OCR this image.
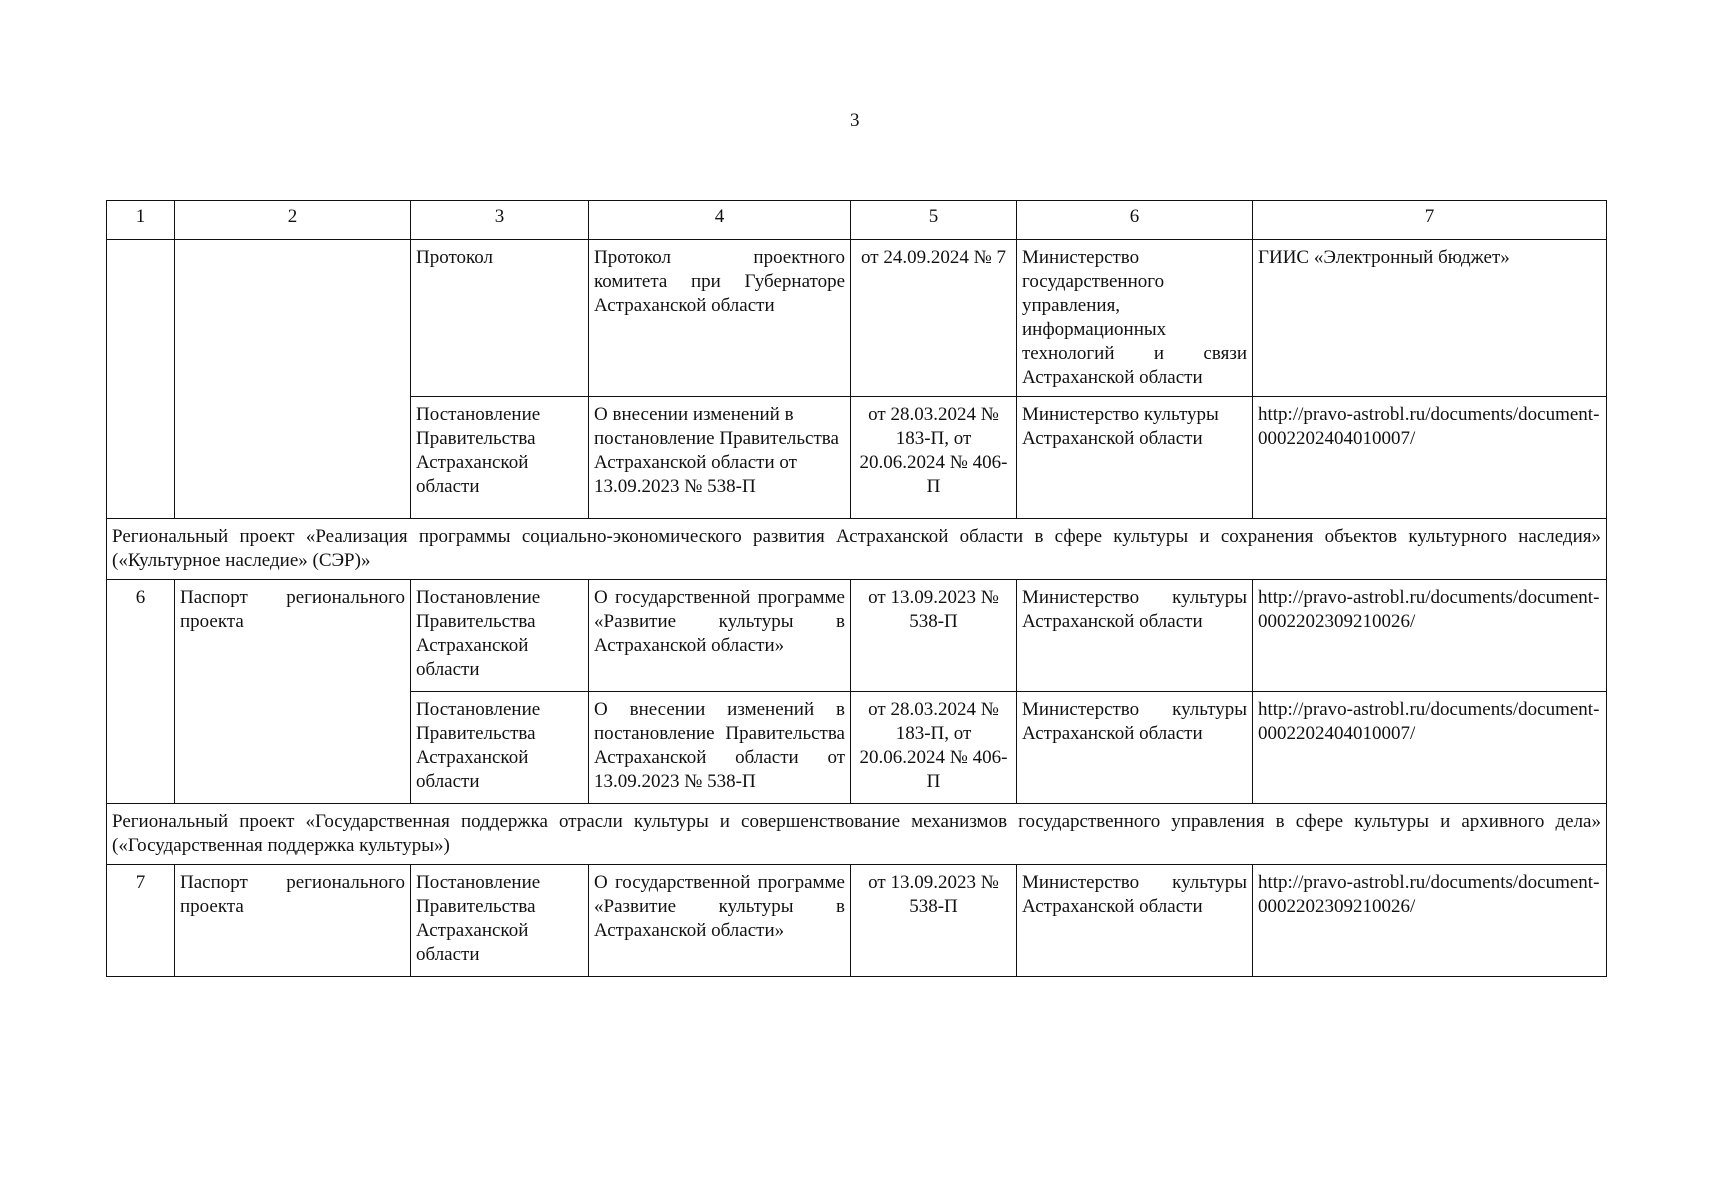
3
1	2	3	4	5	6	7
		Протокол	Протокол проектного комитета при Губернаторе Астраханской области	от 24.09.2024 № 7	Министерство государственного управления, информационных технологий и связи Астраханской области	ГИИС «Электронный бюджет»
		Постановление Правительства Астраханской области	О внесении изменений в постановление Правительства Астраханской области от 13.09.2023 № 538-П	от 28.03.2024 № 183-П, от 20.06.2024 № 406-П	Министерство культуры Астраханской области	http://pravo-astrobl.ru/documents/document-0002202404010007/
Региональный проект «Реализация программы социально-экономического развития Астраханской области в сфере культуры и сохранения объектов культурного наследия» («Культурное наследие» (СЭР)»						
6	Паспорт регионального проекта	Постановление Правительства Астраханской области	О государственной программе «Развитие культуры в Астраханской области»	от 13.09.2023 № 538-П	Министерство культуры Астраханской области	http://pravo-astrobl.ru/documents/document-0002202309210026/
		Постановление Правительства Астраханской области	О внесении изменений в постановление Правительства Астраханской области от 13.09.2023 № 538-П	от 28.03.2024 № 183-П, от 20.06.2024 № 406-П	Министерство культуры Астраханской области	http://pravo-astrobl.ru/documents/document-0002202404010007/
Региональный проект «Государственная поддержка отрасли культуры и совершенствование механизмов государственного управления в сфере культуры и архивного дела» («Государственная поддержка культуры»)						
7	Паспорт регионального проекта	Постановление Правительства Астраханской области	О государственной программе «Развитие культуры в Астраханской области»	от 13.09.2023 № 538-П	Министерство культуры Астраханской области	http://pravo-astrobl.ru/documents/document-0002202309210026/
